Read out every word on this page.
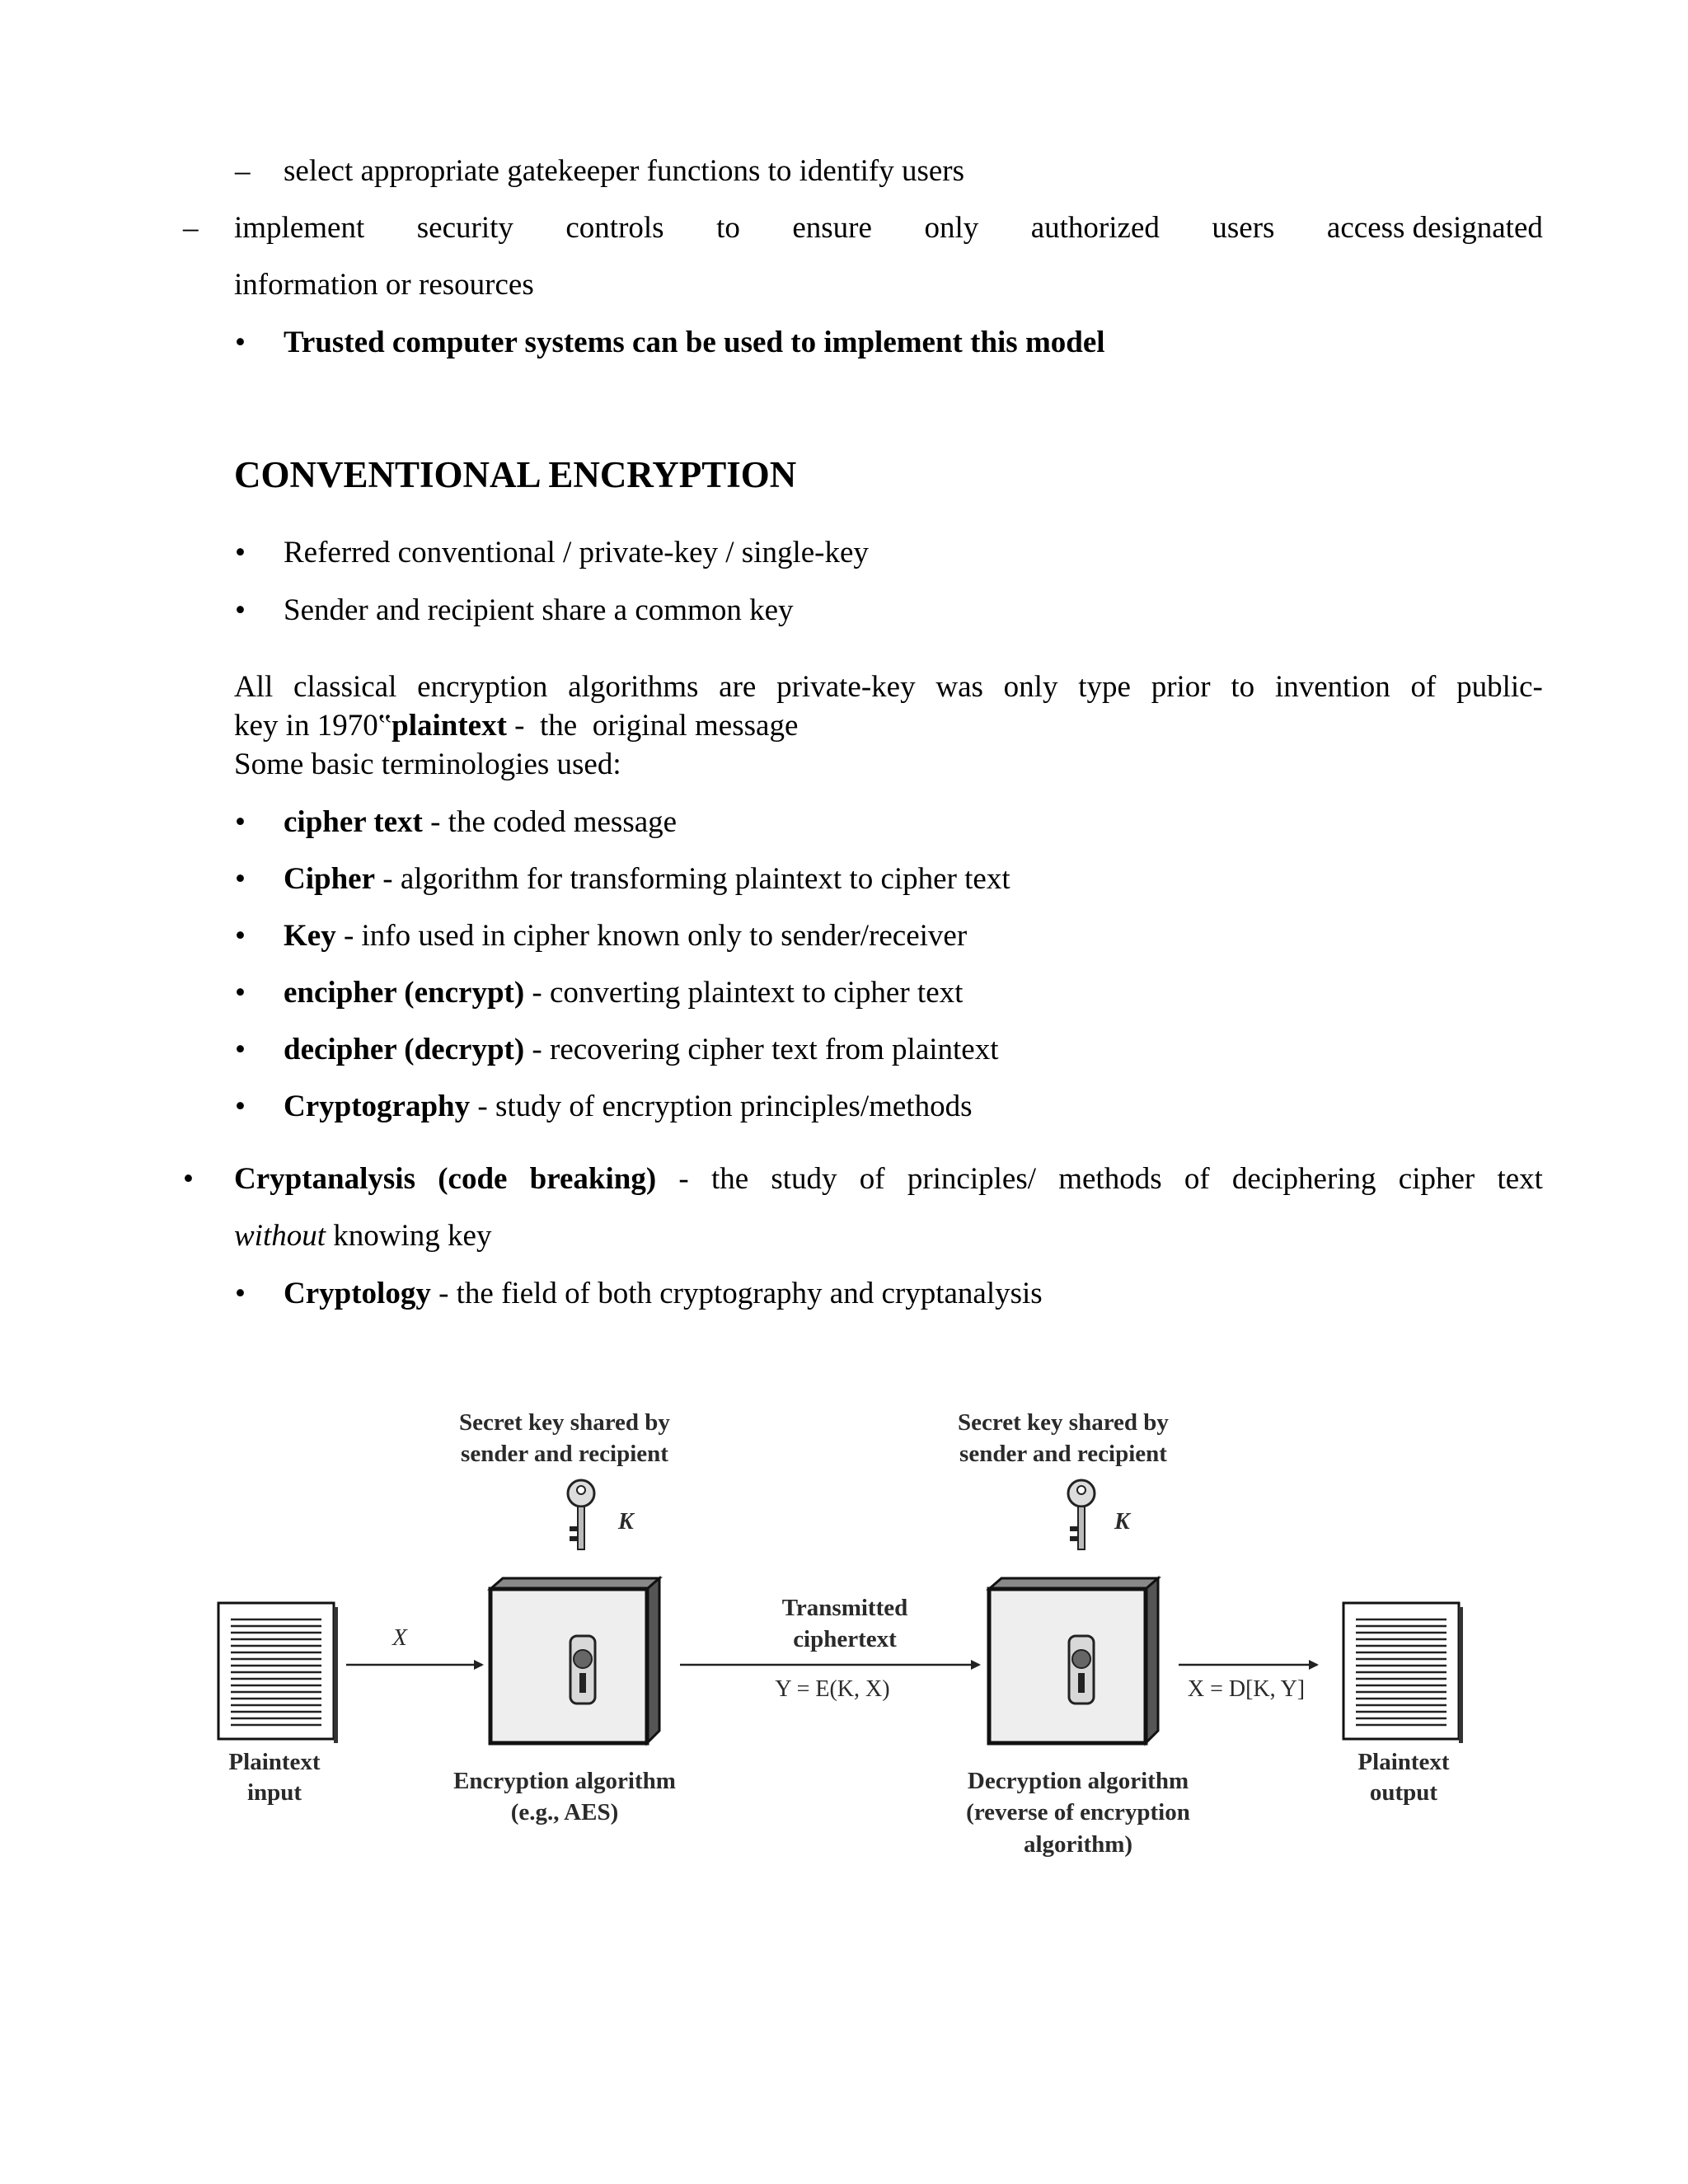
– select appropriate gatekeeper functions to identify users
– implement security controls to ensure only authorized users access designated
information or resources
• Trusted computer systems can be used to implement this model
CONVENTIONAL ENCRYPTION
• Referred conventional / private-key / single-key
• Sender and recipient share a common key
All classical encryption algorithms are private-key was only type prior to invention of public-
key in 1970‟plaintext -  the  original message
Some basic terminologies used:
• cipher text - the coded message
• Cipher - algorithm for transforming plaintext to cipher text
• Key - info used in cipher known only to sender/receiver
• encipher (encrypt) - converting plaintext to cipher text
• decipher (decrypt) - recovering cipher text from plaintext
• Cryptography - study of encryption principles/methods
• Cryptanalysis (code breaking) - the study of principles/ methods of deciphering cipher text
without knowing key
• Cryptology - the field of both cryptography and cryptanalysis
Plaintext
input
X
Secret key shared by
sender and recipient
K
Encryption algorithm
(e.g., AES)
Transmitted
ciphertext
Y = E(K, X)
Secret key shared by
sender and recipient
K
Decryption algorithm
(reverse of encryption
algorithm)
X = D[K, Y]
Plaintext
output
